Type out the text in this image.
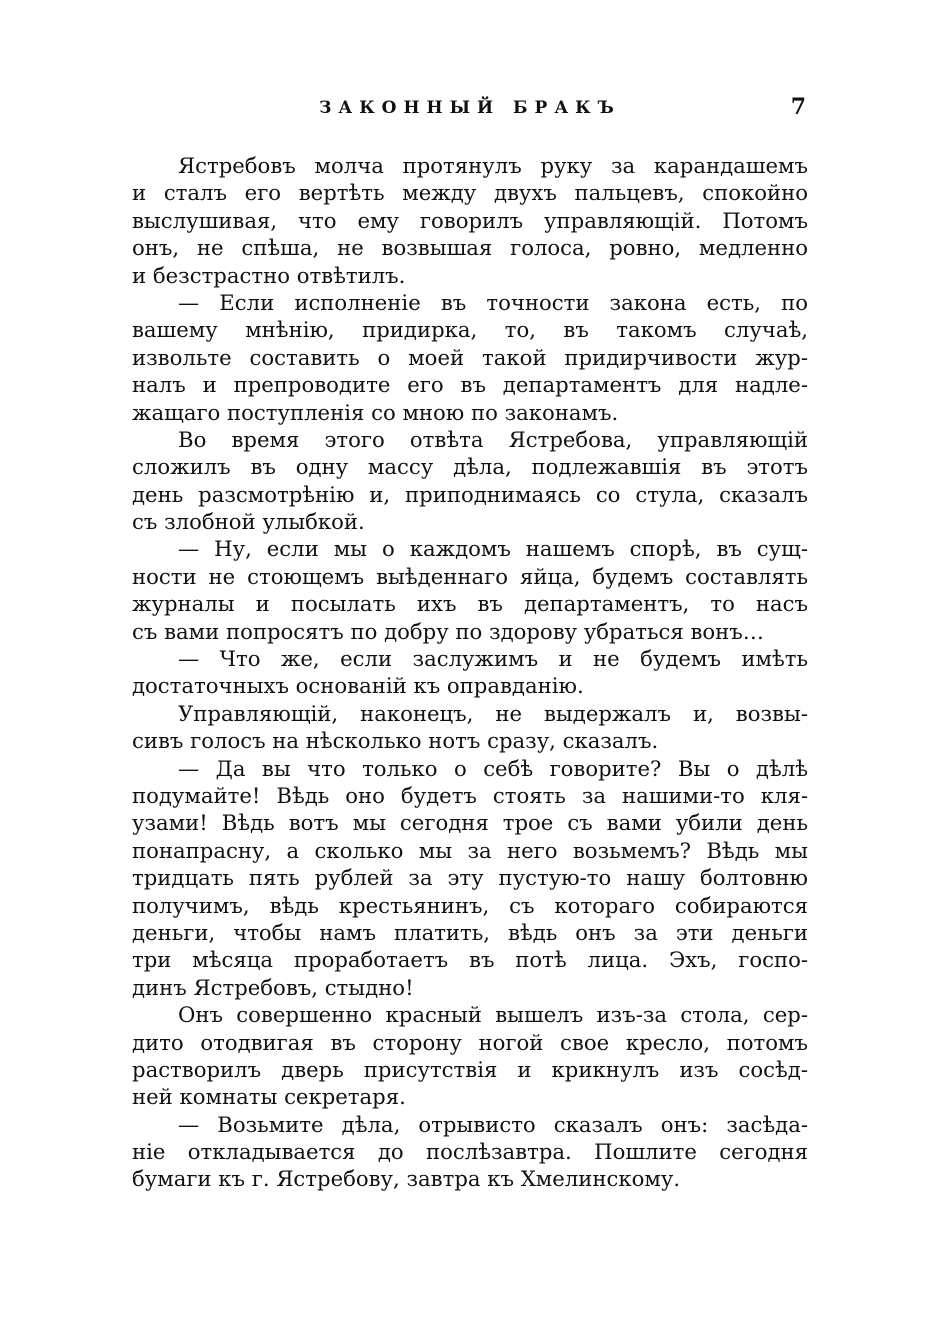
ЗАКОННЫЙ БРАКЪ	7
Ястребовъ молча протянулъ руку за карандашемъ
и сталъ его вертѣть между двухъ пальцевъ, спокойно
выслушивая, что ему говорилъ управляющій. Потомъ
онъ, не спѣша, не возвышая голоса, ровно, медленно
и безстрастно отвѣтилъ.
— Если исполненіе въ точности закона есть, по
вашему мнѣнію, придирка, то, въ такомъ случаѣ,
извольте составить о моей такой придирчивости жур-
налъ и препроводите его въ департаментъ для надле-
жащаго поступленія со мною по законамъ.
Во время этого отвѣта Ястребова, управляющій
сложилъ въ одну массу дѣла, подлежавшія въ этотъ
день разсмотрѣнію и, приподнимаясь со стула, сказалъ
съ злобной улыбкой.
— Ну, если мы о каждомъ нашемъ спорѣ, въ сущ-
ности не стоющемъ выѣденнаго яйца, будемъ составлять
журналы и посылать ихъ въ департаментъ, то насъ
съ вами попросятъ по добру по здорову убраться вонъ…
— Что же, если заслужимъ и не будемъ имѣть
достаточныхъ основаній къ оправданію.
Управляющій, наконецъ, не выдержалъ и, возвы-
сивъ голосъ на нѣсколько нотъ сразу, сказалъ.
— Да вы что только о себѣ говорите? Вы о дѣлѣ
подумайте! Вѣдь оно будетъ стоять за нашими-то кля-
узами! Вѣдь вотъ мы сегодня трое съ вами убили день
понапрасну, а сколько мы за него возьмемъ? Вѣдь мы
тридцать пять рублей за эту пустую-то нашу болтовню
получимъ, вѣдь крестьянинъ, съ котораго собираются
деньги, чтобы намъ платить, вѣдь онъ за эти деньги
три мѣсяца проработаетъ въ потѣ лица. Эхъ, госпо-
динъ Ястребовъ, стыдно!
Онъ совершенно красный вышелъ изъ-за стола, сер-
дито отодвигая въ сторону ногой свое кресло, потомъ
растворилъ дверь присутствія и крикнулъ изъ сосѣд-
ней комнаты секретаря.
— Возьмите дѣла, отрывисто сказалъ онъ: засѣда-
ніе откладывается до послѣзавтра. Пошлите сегодня
бумаги къ г. Ястребову, завтра къ Хмелинскому.
